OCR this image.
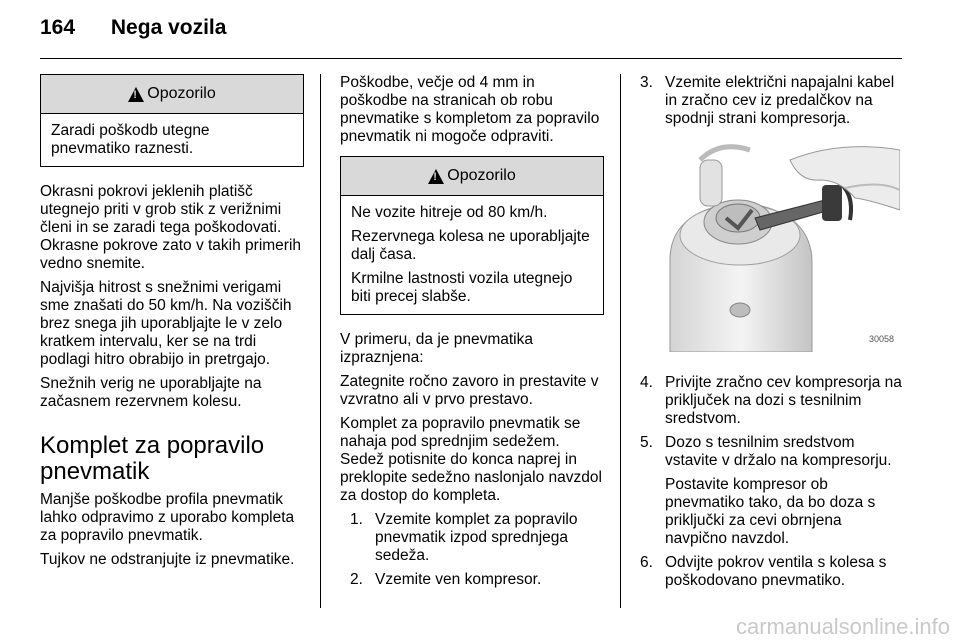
164 Nega vozila
!
Opozorilo

Zaradi poškodb utegne pnevmatiko raznesti.

Okrasni pokrovi jeklenih platišč utegnejo priti v grob stik z verižnimi členi in se zaradi tega poškodovati. Okrasne pokrove zato v takih primerih vedno snemite.

Najvišja hitrost s snežnimi verigami sme znašati do 50 km/h. Na voziščih brez snega jih uporabljajte le v zelo kratkem intervalu, ker se na trdi podlagi hitro obrabijo in pretrgajo.

Snežnih verig ne uporabljajte na začasnem rezervnem kolesu.

Komplet za popravilo pnevmatik

Manjše poškodbe profila pnevmatik lahko odpravimo z uporabo kompleta za popravilo pnevmatik.

Tujkov ne odstranjujte iz pnevmatike.

Poškodbe, večje od 4 mm in poškodbe na stranicah ob robu pnevmatike s kompletom za popravilo pnevmatik ni mogoče odpraviti.

!
Opozorilo

Ne vozite hitreje od 80 km/h.

Rezervnega kolesa ne uporabljajte dalj časa.

Krmilne lastnosti vozila utegnejo biti precej slabše.

V primeru, da je pnevmatika izpraznjena:

Zategnite ročno zavoro in prestavite v vzvratno ali v prvo prestavo.

Komplet za popravilo pnevmatik se nahaja pod sprednjim sedežem. Sedež potisnite do konca naprej in preklopite sedežno naslonjalo navzdol za dostop do kompleta.

1. Vzemite komplet za popravilo pnevmatik izpod sprednjega sedeža.
2. Vzemite ven kompresor.
3. Vzemite električni napajalni kabel in zračno cev iz predalčkov na spodnji strani kompresorja.
30058
4. Privijte zračno cev kompresorja na priključek na dozi s tesnilnim sredstvom.
5. Dozo s tesnilnim sredstvom vstavite v držalo na kompresorju.
Postavite kompresor ob pnevmatiko tako, da bo doza s priključki za cevi obrnjena navpično navzdol.
6. Odvijte pokrov ventila s kolesa s poškodovano pnevmatiko.
carmanualsonline.info
